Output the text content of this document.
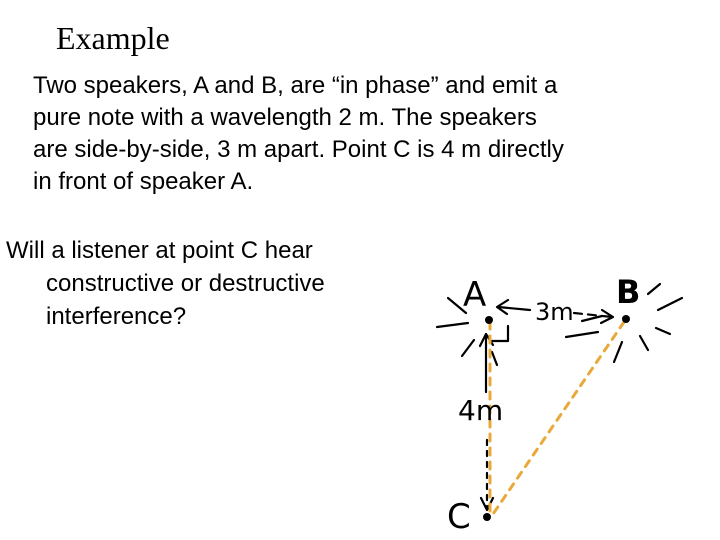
Example
Two speakers, A and B, are “in phase” and emit a
pure note with a wavelength 2 m. The speakers
are side-by-side, 3 m apart. Point C is 4 m directly
in front of speaker A.
Will a listener at point C hear
constructive or destructive
interference?
A	B
C
3m
4m
